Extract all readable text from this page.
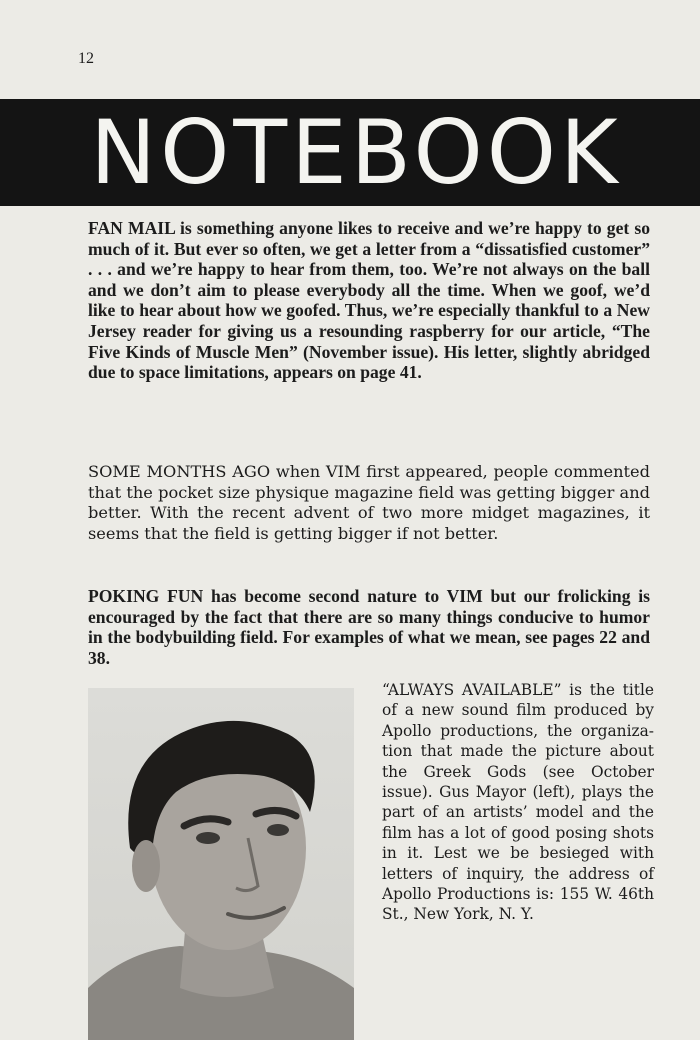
12
NOTEBOOK

FAN MAIL is something anyone likes to receive and we’re happy to get so much of it. But ever so often, we get a letter from a “dissatisfied customer” . . . and we’re happy to hear from them, too. We’re not always on the ball and we don’t aim to please everybody all the time. When we goof, we’d like to hear about how we goofed. Thus, we’re especially thankful to a New Jersey reader for giving us a resounding raspberry for our article, “The Five Kinds of Muscle Men” (November issue). His letter, slightly abridged due to space limitations, appears on page 41.

SOME MONTHS AGO when VIM first appeared, people commented that the pocket size physique magazine field was getting bigger and better. With the recent advent of two more midget magazines, it seems that the field is getting bigger if not better.

POKING FUN has become second nature to VIM but our frolicking is encouraged by the fact that there are so many things conducive to humor in the bodybuilding field. For examples of what we mean, see pages 22 and 38.

“ALWAYS AVAILABLE” is the title of a new sound film produced by Apollo productions, the organization that made the picture about the Greek Gods (see October issue). Gus Mayor (left), plays the part of an artists’ model and the film has a lot of good posing shots in it. Lest we be besieged with letters of inquiry, the address of Apollo Productions is: 155 W. 46th St., New York, N. Y.
